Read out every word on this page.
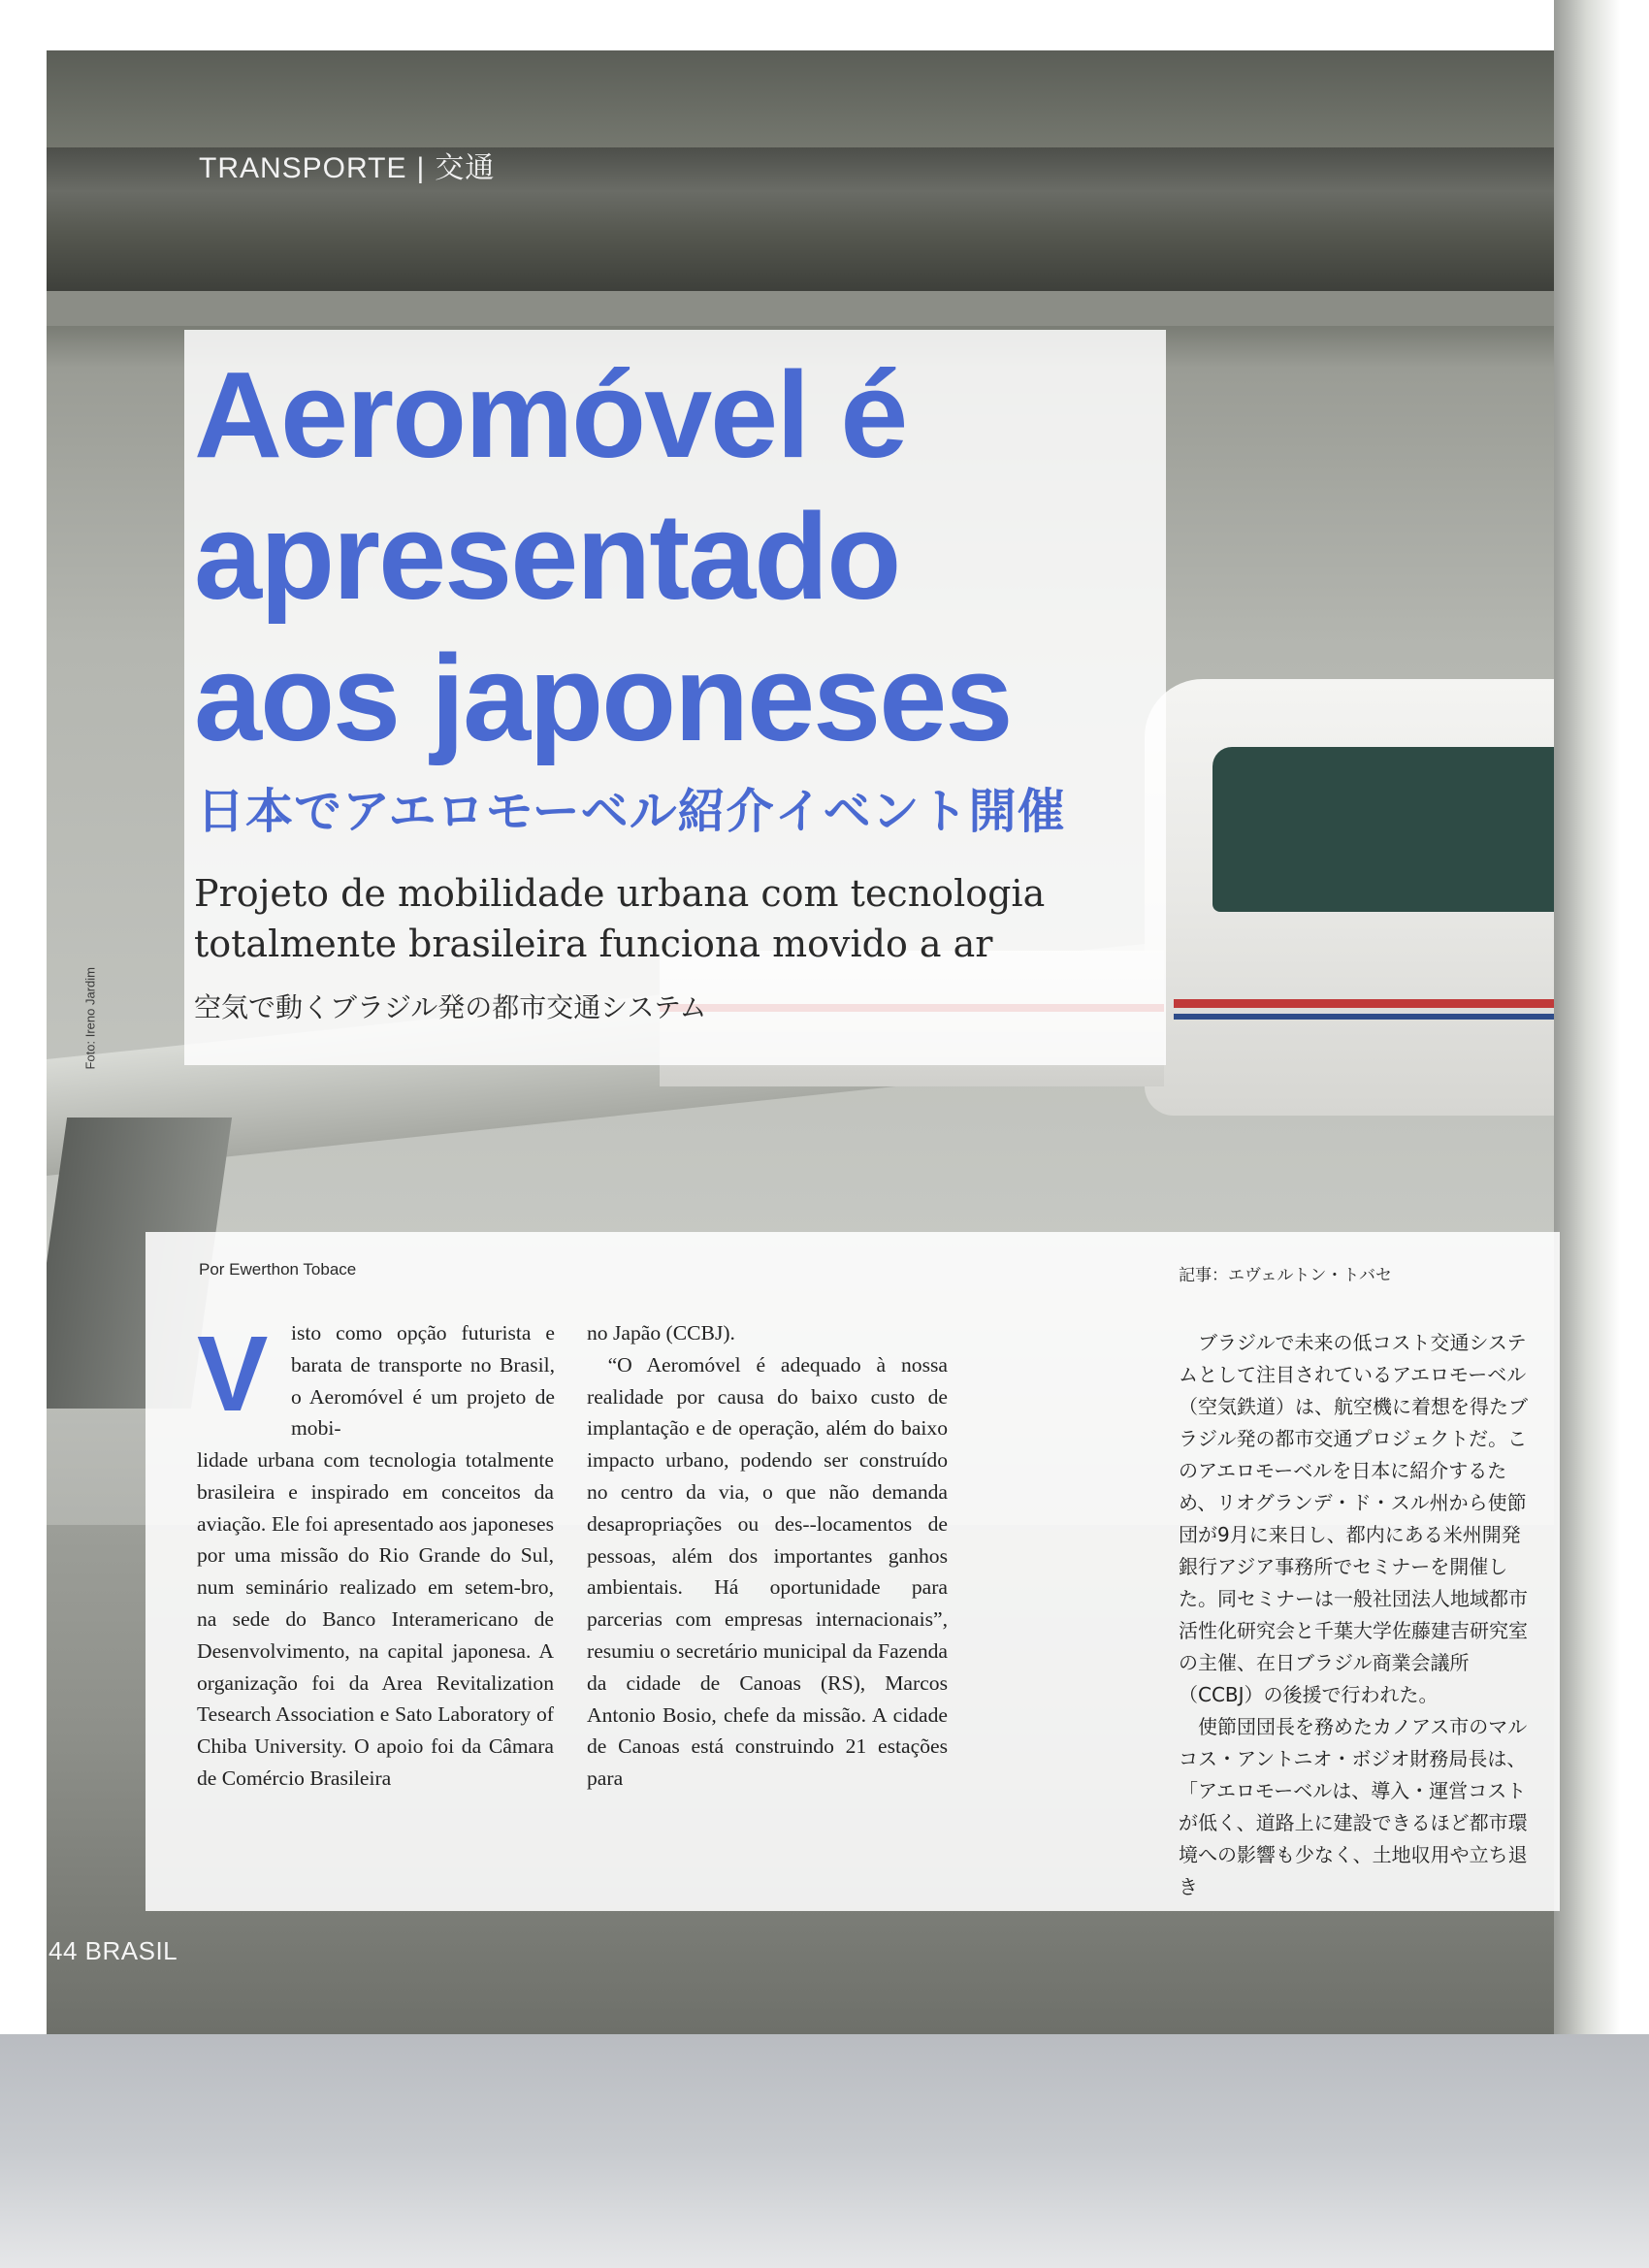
TRANSPORTE | 交通
Aeromóvel é
apresentado
aos japoneses
日本でアエロモーベル紹介イベント開催

Projeto de mobilidade urbana com tecnologia
totalmente brasileira funciona movido a ar

空気で動くブラジル発の都市交通システム

Foto: Ireno Jardim
Por Ewerthon Tobace	記事：エヴェルトン・トバセ
V	isto como opção futurista e barata de transporte no Brasil, o Aeromóvel é um projeto de mobi-

lidade urbana com tecnologia totalmente brasileira e inspirado em conceitos da aviação. Ele foi apresentado aos japoneses por uma missão do Rio Grande do Sul, num seminário realizado em setem-bro, na sede do Banco Interamericano de Desenvolvimento, na capital japonesa. A organização foi da Area Revitalization Tesearch Association e Sato Laboratory of Chiba University. O apoio foi da Câmara de Comércio Brasileira

no Japão (CCBJ).

“O Aeromóvel é adequado à nossa realidade por causa do baixo custo de implantação e de operação, além do baixo impacto urbano, podendo ser construído no centro da via, o que não demanda desapropriações ou des--locamentos de pessoas, além dos importantes ganhos ambientais. Há oportunidade para parcerias com empresas internacionais”, resumiu o secretário municipal da Fazenda da cidade de Canoas (RS), Marcos Antonio Bosio, chefe da missão. A cidade de Canoas está construindo 21 estações para

ブラジルで未来の低コスト交通システムとして注目されているアエロモーベル（空気鉄道）は、航空機に着想を得たブラジル発の都市交通プロジェクトだ。このアエロモーベルを日本に紹介するため、リオグランデ・ド・スル州から使節団が9月に来日し、都内にある米州開発銀行アジア事務所でセミナーを開催した。同セミナーは一般社団法人地域都市活性化研究会と千葉大学佐藤建吉研究室の主催、在日ブラジル商業会議所（CCBJ）の後援で行われた。

使節団団長を務めたカノアス市のマルコス・アントニオ・ボジオ財務局長は、「アエロモーベルは、導入・運営コストが低く、道路上に建設できるほど都市環境への影響も少なく、土地収用や立ち退き

44 BRASIL
